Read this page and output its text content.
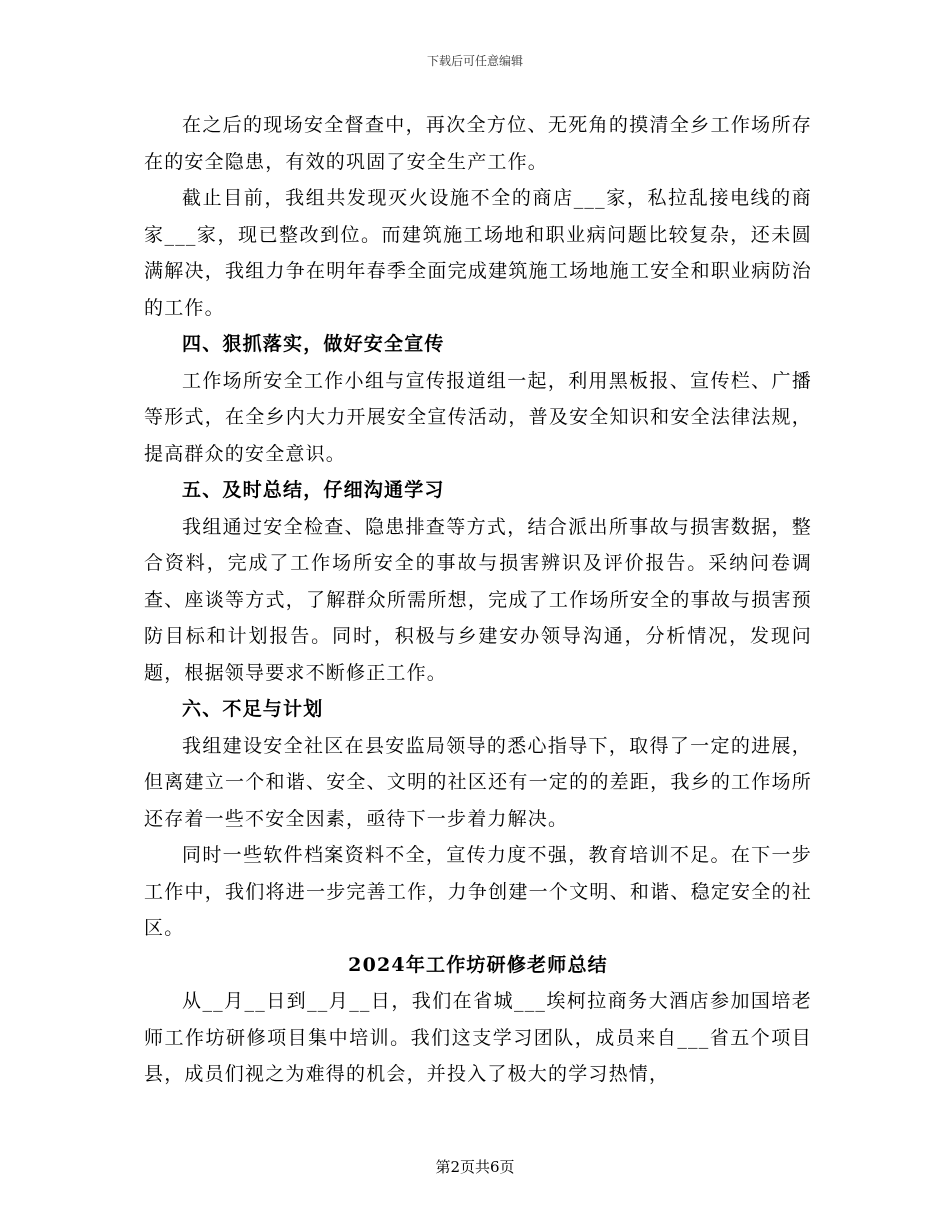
下载后可任意编辑

在之后的现场安全督查中，再次全方位、无死角的摸清全乡工作场所存在的安全隐患，有效的巩固了安全生产工作。

截止目前，我组共发现灭火设施不全的商店___家，私拉乱接电线的商家___家，现已整改到位。而建筑施工场地和职业病问题比较复杂，还未圆满解决，我组力争在明年春季全面完成建筑施工场地施工安全和职业病防治的工作。

四、狠抓落实，做好安全宣传

工作场所安全工作小组与宣传报道组一起，利用黑板报、宣传栏、广播等形式，在全乡内大力开展安全宣传活动，普及安全知识和安全法律法规，提高群众的安全意识。

五、及时总结，仔细沟通学习

我组通过安全检查、隐患排查等方式，结合派出所事故与损害数据，整合资料，完成了工作场所安全的事故与损害辨识及评价报告。采纳问卷调查、座谈等方式，了解群众所需所想，完成了工作场所安全的事故与损害预防目标和计划报告。同时，积极与乡建安办领导沟通，分析情况，发现问题，根据领导要求不断修正工作。

六、不足与计划

我组建设安全社区在县安监局领导的悉心指导下，取得了一定的进展，但离建立一个和谐、安全、文明的社区还有一定的的差距，我乡的工作场所还存着一些不安全因素，亟待下一步着力解决。

同时一些软件档案资料不全，宣传力度不强，教育培训不足。在下一步工作中，我们将进一步完善工作，力争创建一个文明、和谐、稳定安全的社区。

2024年工作坊研修老师总结

从__月__日到__月__日，我们在省城___埃柯拉商务大酒店参加国培老师工作坊研修项目集中培训。我们这支学习团队，成员来自___省五个项目县，成员们视之为难得的机会，并投入了极大的学习热情，

第2页共6页
